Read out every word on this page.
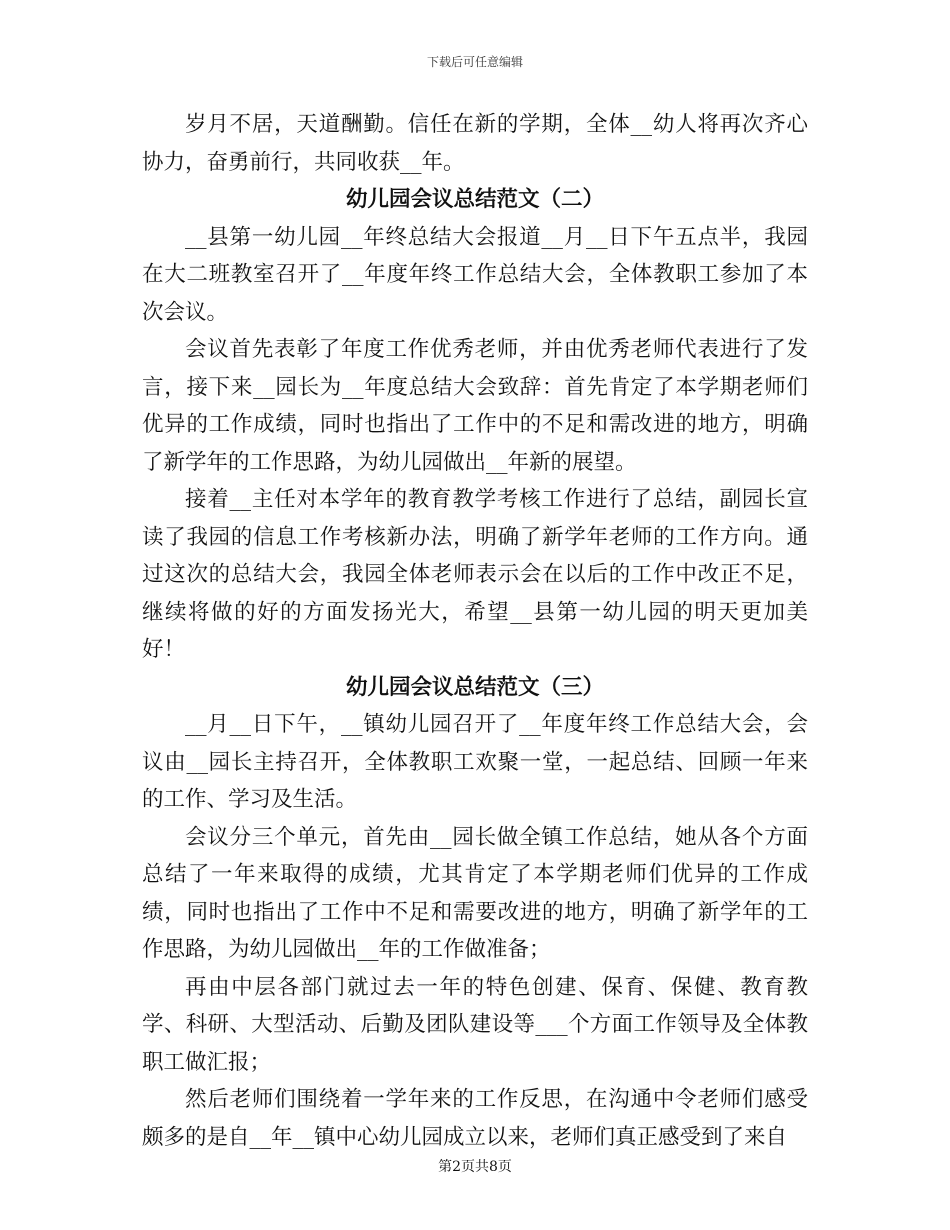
下载后可任意编辑

岁月不居，天道酬勤。信任在新的学期，全体__幼人将再次齐心协力，奋勇前行，共同收获__年。

幼儿园会议总结范文（二）

__县第一幼儿园__年终总结大会报道__月__日下午五点半，我园在大二班教室召开了__年度年终工作总结大会，全体教职工参加了本次会议。

会议首先表彰了年度工作优秀老师，并由优秀老师代表进行了发言，接下来__园长为__年度总结大会致辞：首先肯定了本学期老师们优异的工作成绩，同时也指出了工作中的不足和需改进的地方，明确了新学年的工作思路，为幼儿园做出__年新的展望。

接着__主任对本学年的教育教学考核工作进行了总结，副园长宣读了我园的信息工作考核新办法，明确了新学年老师的工作方向。通过这次的总结大会，我园全体老师表示会在以后的工作中改正不足，继续将做的好的方面发扬光大，希望__县第一幼儿园的明天更加美好！

幼儿园会议总结范文（三）

__月__日下午，__镇幼儿园召开了__年度年终工作总结大会，会议由__园长主持召开，全体教职工欢聚一堂，一起总结、回顾一年来的工作、学习及生活。

会议分三个单元，首先由__园长做全镇工作总结，她从各个方面总结了一年来取得的成绩，尤其肯定了本学期老师们优异的工作成绩，同时也指出了工作中不足和需要改进的地方，明确了新学年的工作思路，为幼儿园做出__年的工作做准备；

再由中层各部门就过去一年的特色创建、保育、保健、教育教学、科研、大型活动、后勤及团队建设等___个方面工作领导及全体教职工做汇报；

然后老师们围绕着一学年来的工作反思，在沟通中令老师们感受颇多的是自__年__镇中心幼儿园成立以来，老师们真正感受到了来自

第2页共8页
